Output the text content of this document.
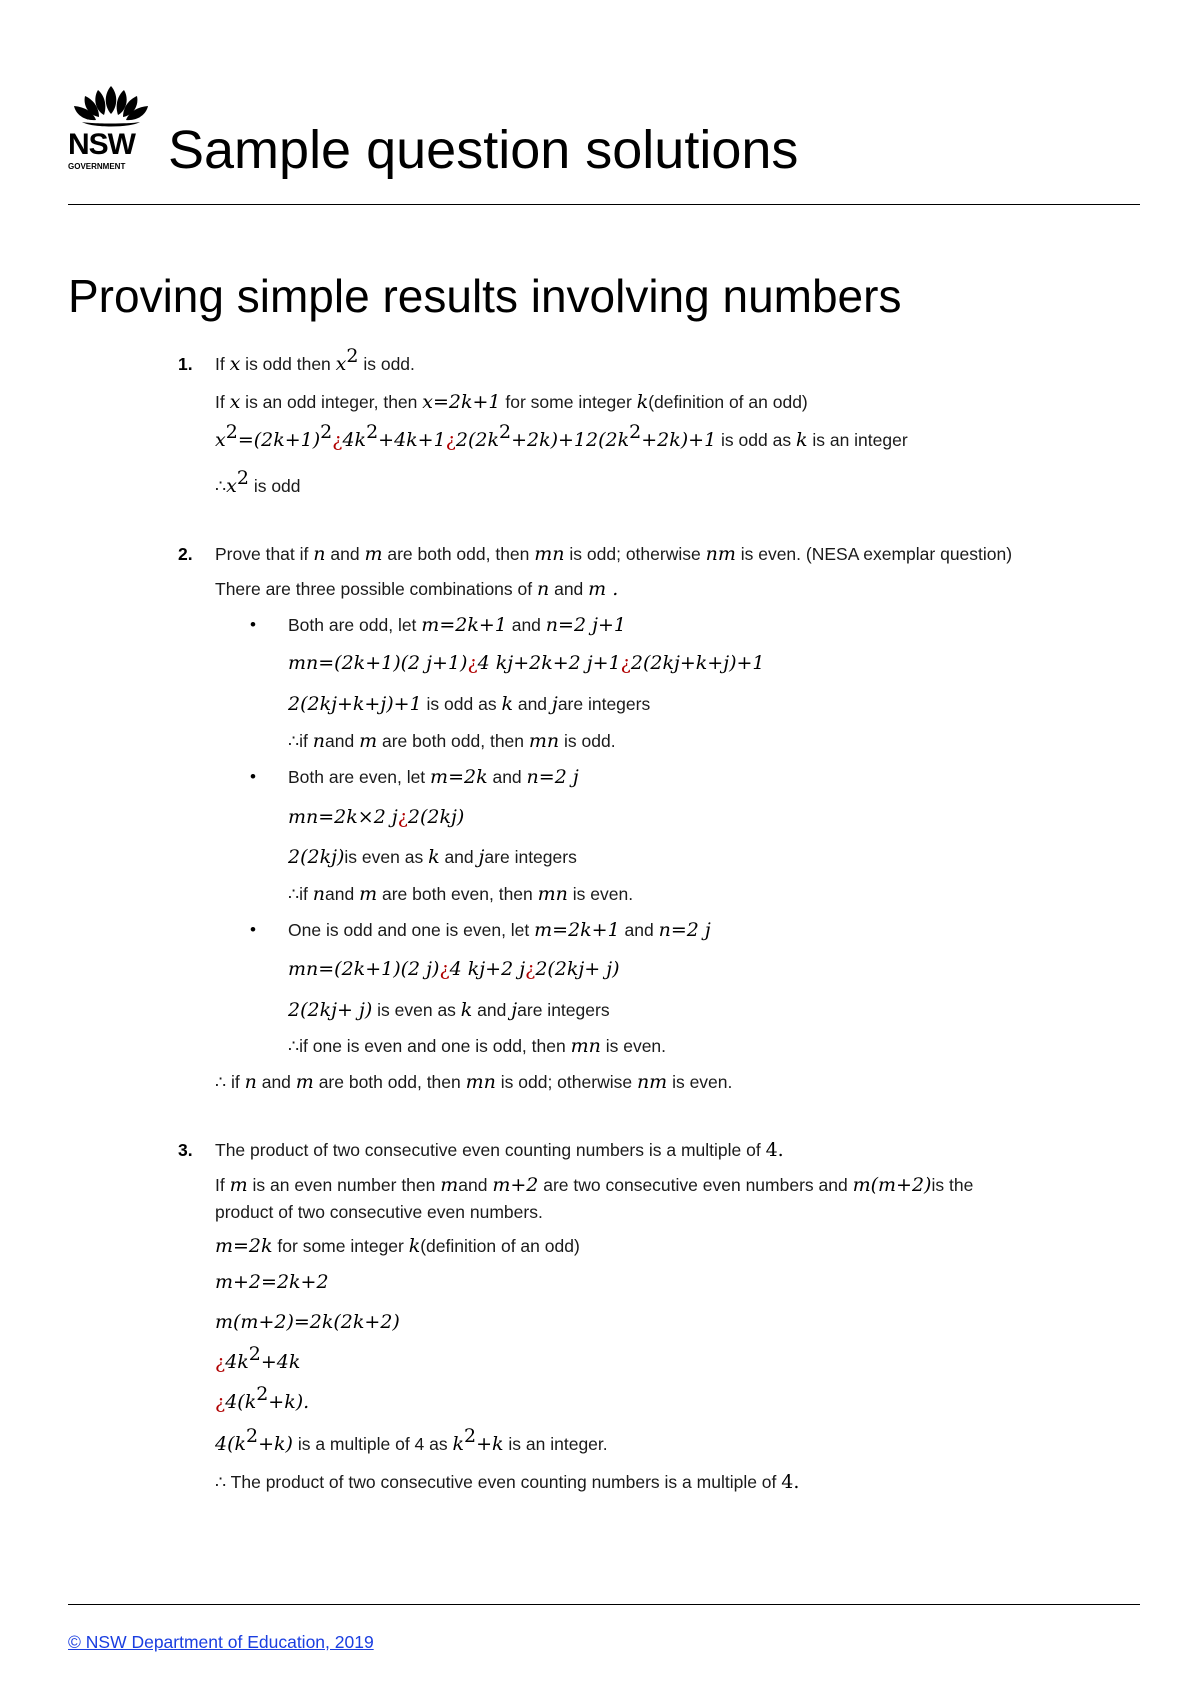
NSW
GOVERNMENT Sample question solutions
Proving simple results involving numbers
1. If x is odd then $x^2$ is odd.
If x is an odd integer, then x=2k+1 for some integer k(definition of an odd)
$x^2=(2k+1)^2¿4k^2+4k+1¿2(2k^2+2k)+12(2k^2+2k)+1$ is odd as k is an integer
$\therefore x^2$ is odd
2. Prove that if n and m are both odd, then mn is odd; otherwise nm is even. (NESA exemplar question)
There are three possible combinations of n and m .
• Both are odd, let m=2k+1 and n=2 j+1
mn=(2k+1)(2 j+1)¿4 kj+2k+2 j+1¿2(2kj+k+j)+1
2(2kj+k+j)+1 is odd as k and jare integers
∴if nand m are both odd, then mn is odd.
• Both are even, let m=2k and n=2 j
mn=2k×2 j¿2(2kj)
2(2kj)is even as k and jare integers
∴if nand m are both even, then mn is even.
• One is odd and one is even, let m=2k+1 and n=2 j
mn=(2k+1)(2 j)¿4 kj+2 j¿2(2kj+ j)
2(2kj+ j) is even as k and jare integers
∴if one is even and one is odd, then mn is even.
∴ if n and m are both odd, then mn is odd; otherwise nm is even.
3. The product of two consecutive even counting numbers is a multiple of 4.
If m is an even number then mand m+2 are two consecutive even numbers and m(m+2)is the
product of two consecutive even numbers.
m=2k for some integer k(definition of an odd)
m+2=2k+2
m(m+2)=2k(2k+2)
¿$4k^2+4k$
¿$4(k^2+k)$.
$4(k^2+k)$ is a multiple of 4 as $k^2+k$ is an integer.
∴ The product of two consecutive even counting numbers is a multiple of 4.
© NSW Department of Education, 2019
